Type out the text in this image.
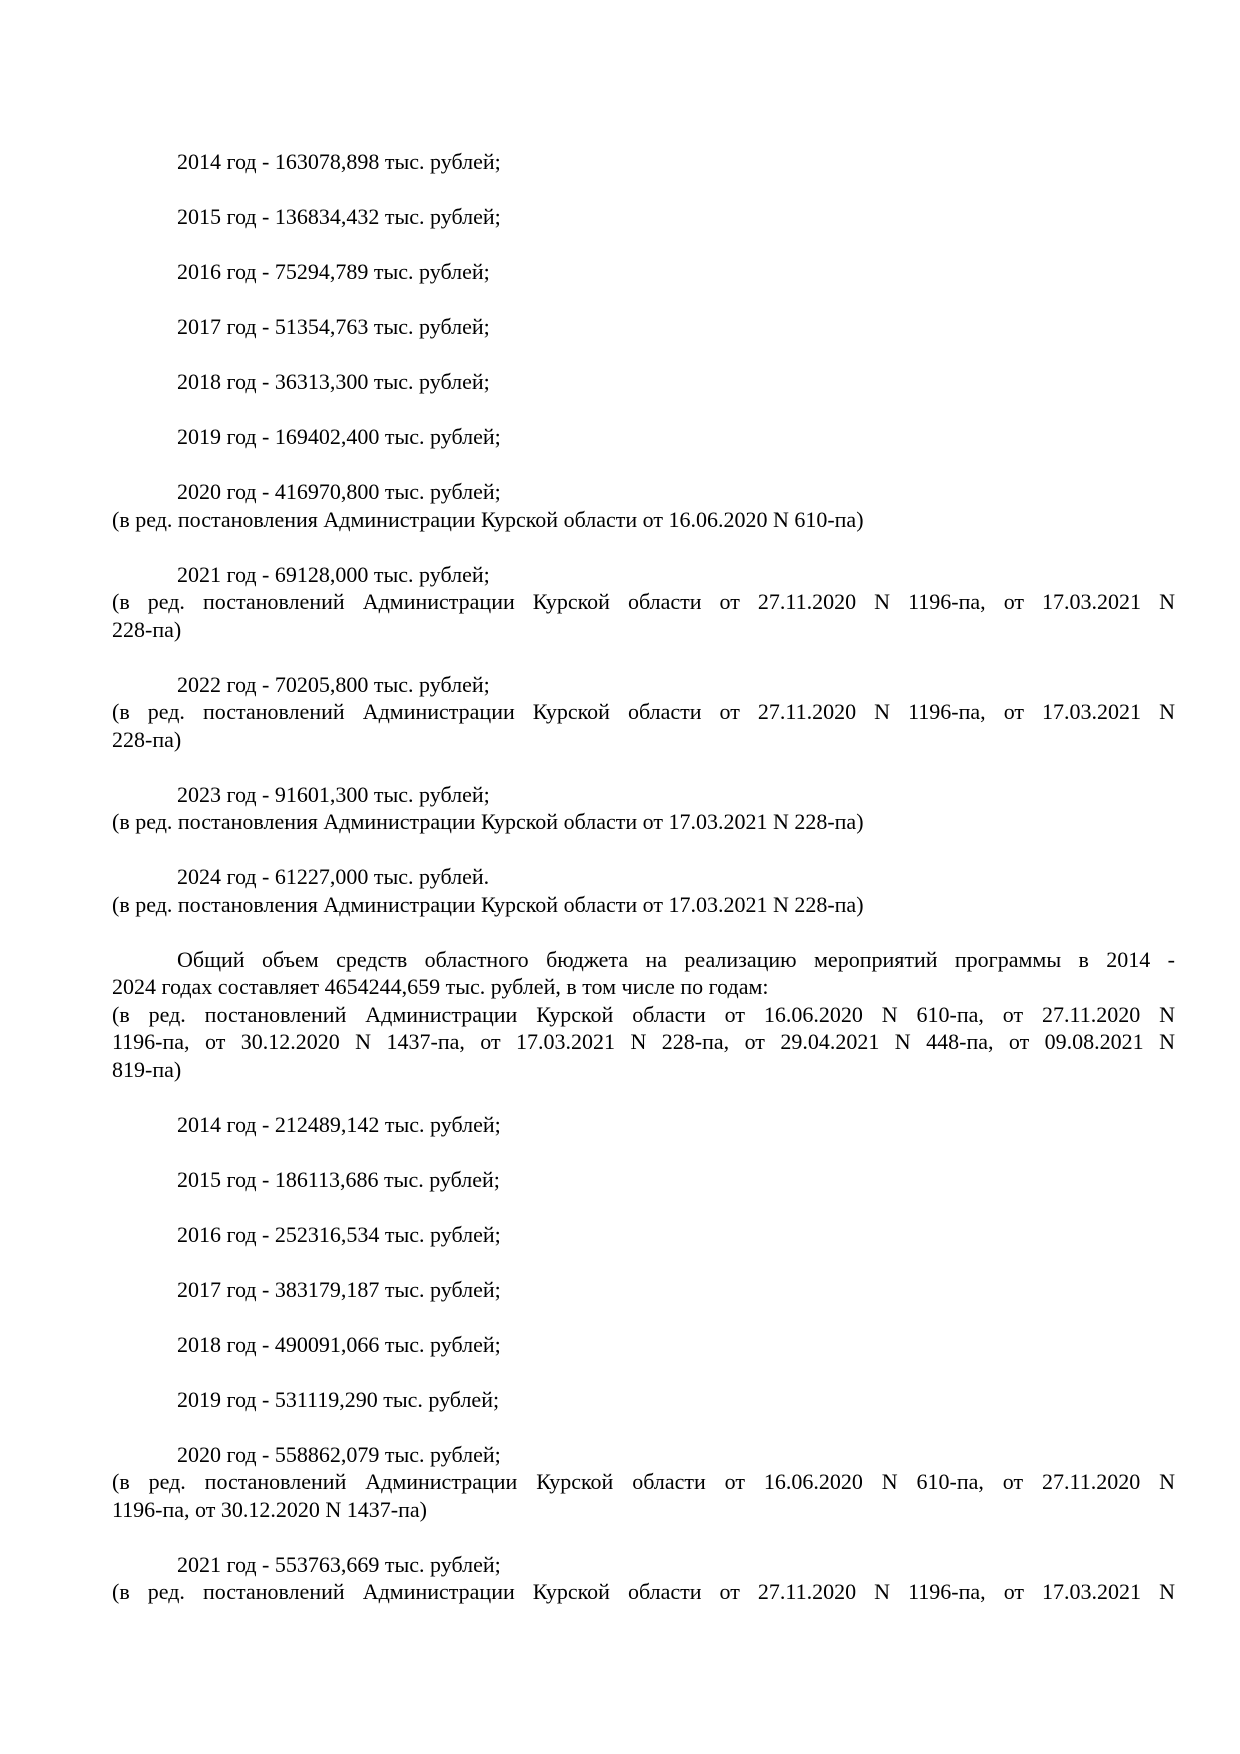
2014 год - 163078,898 тыс. рублей;
2015 год - 136834,432 тыс. рублей;
2016 год - 75294,789 тыс. рублей;
2017 год - 51354,763 тыс. рублей;
2018 год - 36313,300 тыс. рублей;
2019 год - 169402,400 тыс. рублей;
2020 год - 416970,800 тыс. рублей;
(в ред. постановления Администрации Курской области от 16.06.2020 N 610-па)
2021 год - 69128,000 тыс. рублей;
(в ред. постановлений Администрации Курской области от 27.11.2020 N 1196-па, от 17.03.2021 N
228-па)
2022 год - 70205,800 тыс. рублей;
(в ред. постановлений Администрации Курской области от 27.11.2020 N 1196-па, от 17.03.2021 N
228-па)
2023 год - 91601,300 тыс. рублей;
(в ред. постановления Администрации Курской области от 17.03.2021 N 228-па)
2024 год - 61227,000 тыс. рублей.
(в ред. постановления Администрации Курской области от 17.03.2021 N 228-па)
Общий объем средств областного бюджета на реализацию мероприятий программы в 2014 -
2024 годах составляет 4654244,659 тыс. рублей, в том числе по годам:
(в ред. постановлений Администрации Курской области от 16.06.2020 N 610-па, от 27.11.2020 N
1196-па, от 30.12.2020 N 1437-па, от 17.03.2021 N 228-па, от 29.04.2021 N 448-па, от 09.08.2021 N
819-па)
2014 год - 212489,142 тыс. рублей;
2015 год - 186113,686 тыс. рублей;
2016 год - 252316,534 тыс. рублей;
2017 год - 383179,187 тыс. рублей;
2018 год - 490091,066 тыс. рублей;
2019 год - 531119,290 тыс. рублей;
2020 год - 558862,079 тыс. рублей;
(в ред. постановлений Администрации Курской области от 16.06.2020 N 610-па, от 27.11.2020 N
1196-па, от 30.12.2020 N 1437-па)
2021 год - 553763,669 тыс. рублей;
(в ред. постановлений Администрации Курской области от 27.11.2020 N 1196-па, от 17.03.2021 N
